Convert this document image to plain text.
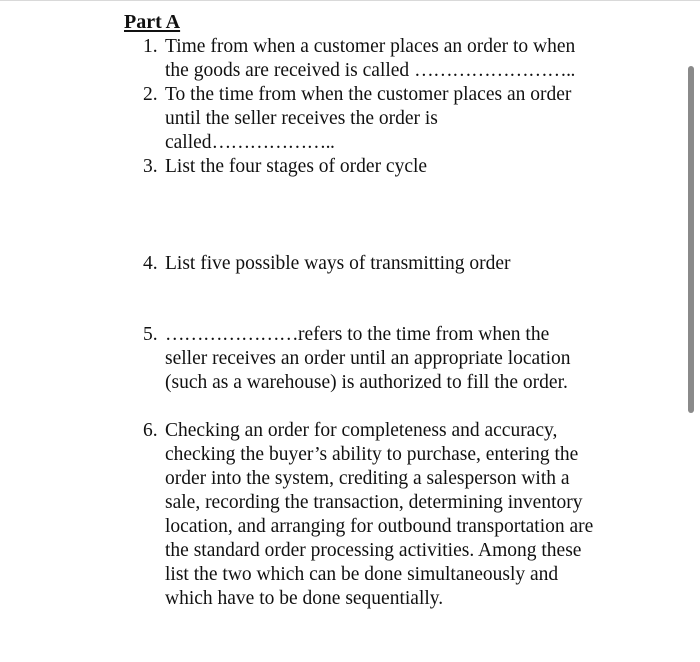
Part A
1. Time from when a customer places an order to when
the goods are received is called ……………………..
2. To the time from when the customer places an order
until the seller receives the order is
called………………..
3. List the four stages of order cycle
4. List five possible ways of transmitting order
5. …………………refers to the time from when the
seller receives an order until an appropriate location
(such as a warehouse) is authorized to fill the order.
6. Checking an order for completeness and accuracy,
checking the buyer’s ability to purchase, entering the
order into the system, crediting a salesperson with a
sale, recording the transaction, determining inventory
location, and arranging for outbound transportation are
the standard order processing activities. Among these
list the two which can be done simultaneously and
which have to be done sequentially.
